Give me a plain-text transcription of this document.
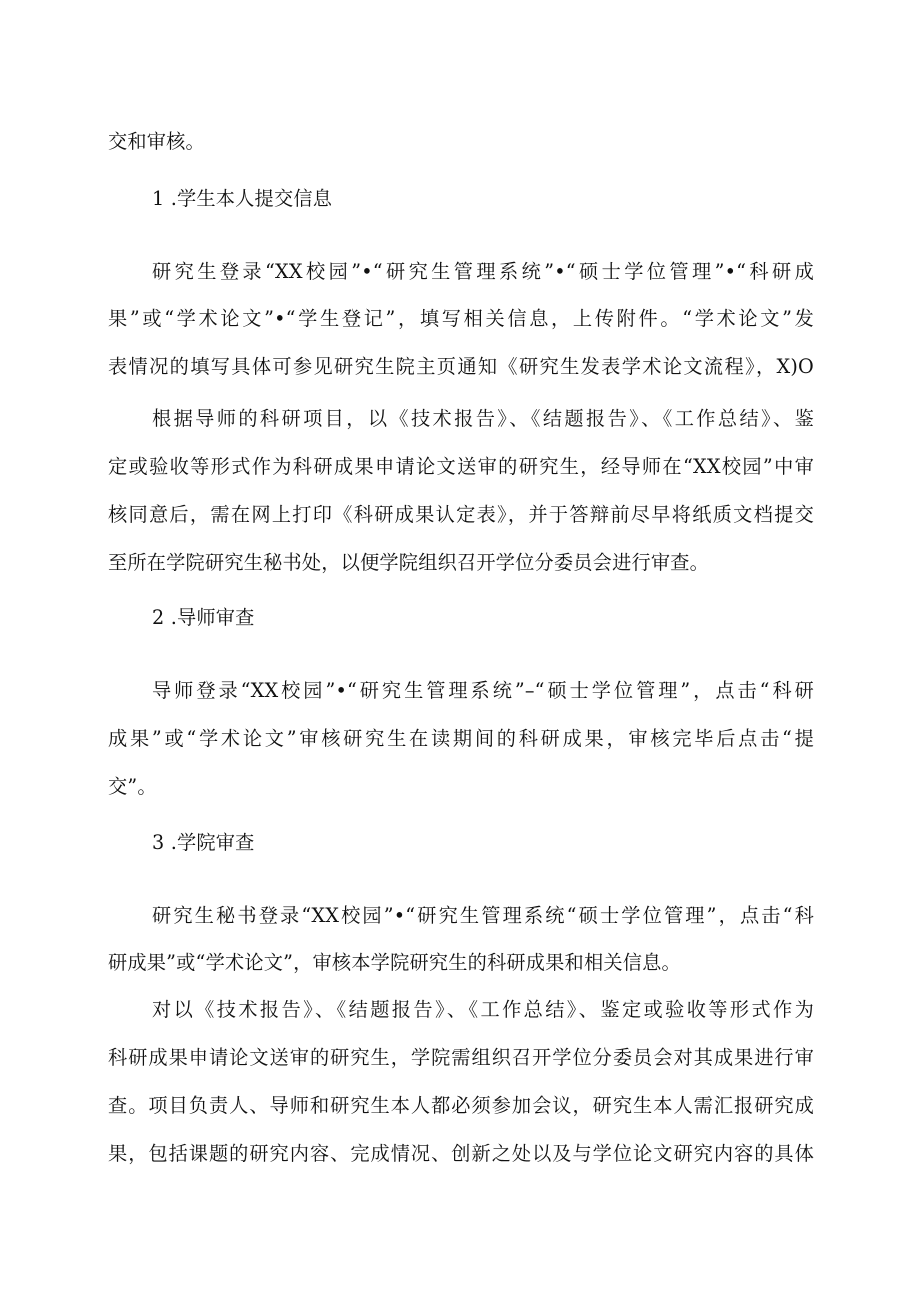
交和审核。
1 .学生本人提交信息
研究生登录“XX校园”•“研究生管理系统”•“硕士学位管理”•“科研成
果”或“学术论文”•“学生登记”，填写相关信息，上传附件。“学术论文”发
表情况的填写具体可参见研究生院主页通知《研究生发表学术论文流程》，X)O
根据导师的科研项目，以《技术报告》、《结题报告》、《工作总结》、鉴
定或验收等形式作为科研成果申请论文送审的研究生，经导师在“XX校园”中审
核同意后，需在网上打印《科研成果认定表》，并于答辩前尽早将纸质文档提交
至所在学院研究生秘书处，以便学院组织召开学位分委员会进行审查。
2 .导师审查
导师登录“XX校园”•“研究生管理系统”–“硕士学位管理”，点击“科研
成果”或“学术论文”审核研究生在读期间的科研成果，审核完毕后点击“提
交”。
3 .学院审查
研究生秘书登录“XX校园”•“研究生管理系统“硕士学位管理”，点击“科
研成果”或“学术论文”，审核本学院研究生的科研成果和相关信息。
对以《技术报告》、《结题报告》、《工作总结》、鉴定或验收等形式作为
科研成果申请论文送审的研究生，学院需组织召开学位分委员会对其成果进行审
查。项目负责人、导师和研究生本人都必须参加会议，研究生本人需汇报研究成
果，包括课题的研究内容、完成情况、创新之处以及与学位论文研究内容的具体
